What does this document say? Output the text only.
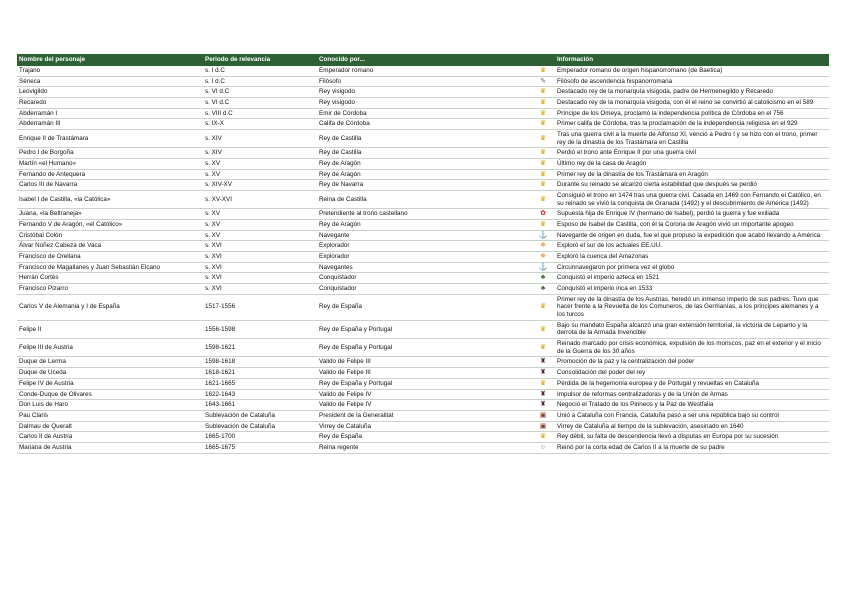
Nombre del personaje	Periodo de relevancia	Conocido por...		Información
Trajano	s. I d.C	Emperador romano	♛	Emperador romano de origen hispanorromano (de Baetica)
Séneca	s. I d.C	Filósofo	✎	Filósofo de ascendencia hispanorromana
Leovigildo	s. VI d.C	Rey visigodo	♛	Destacado rey de la monarquía visigoda, padre de Hermenegildo y Recaredo
Recaredo	s. VI d.C	Rey visigodo	♛	Destacado rey de la monarquía visigoda, con él el reino se convirtió al catolicismo en el 589
Abderramán I	s. VIII d.C	Emir de Córdoba	♛	Príncipe de los Omeya, proclamó la independencia política de Córdoba en el 756
Abderramán III	s. IX-X	Califa de Córdoba	♛	Primer califa de Córdoba, tras la proclamación de la independencia religiosa en el 929
Enrique II de Trastámara	s. XIV	Rey de Castilla	♛	Tras una guerra civil a la muerte de Alfonso XI, venció a Pedro I y se hizo con el trono, primer rey de la dinastía de los Trastámara en Castilla
Pedro I de Borgoña	s. XIV	Rey de Castilla	♛	Perdió el trono ante Enrique II por una guerra civil
Martín «el Humano»	s. XV	Rey de Aragón	♛	Último rey de la casa de Aragón
Fernando de Antequera	s. XV	Rey de Aragón	♛	Primer rey de la dinastía de los Trastámara en Aragón
Carlos III de Navarra	s. XIV-XV	Rey de Navarra	♛	Durante su reinado se alcanzó cierta estabilidad que después se perdió
Isabel I de Castilla, «la Católica»	s. XV-XVI	Reina de Castilla	♛	Consiguió el trono en 1474 tras una guerra civil. Casada en 1469 con Fernando el Católico, en su reinado se vivió la conquista de Granada (1492) y el descubrimiento de América (1492)
Juana, «la Beltraneja»	s. XV	Pretendiente al trono castellano	✿	Supuesta hija de Enrique IV (hermano de Isabel), perdió la guerra y fue exiliada
Fernando V de Aragón, «el Católico»	s. XV	Rey de Aragón	♛	Esposo de Isabel de Castilla, con él la Corona de Aragón vivió un importante apogeo
Cristóbal Colón	s. XV	Navegante	⚓	Navegante de origen en duda, fue el que propuso la expedición que acabó llevando a América
Álvar Núñez Cabeza de Vaca	s. XVI	Explorador	✵	Exploró el sur de los actuales EE.UU.
Francisco de Orellana	s. XVI	Explorador	✵	Exploró la cuenca del Amazonas
Francisco de Magallanes y Juan Sebastián Elcano	s. XVI	Navegantes	⚓	Circunnavegaron por primera vez el globo
Herrán Cortés	s. XVI	Conquistador	♣	Conquistó el imperio azteca en 1521
Francisco Pizarro	s. XVI	Conquistador	♣	Conquistó el imperio inca en 1533
Carlos V de Alemania y I de España	1517-1556	Rey de España	♛	Primer rey de la dinastía de los Austrias, heredó un inmenso imperio de sus padres. Tuvo que hacer frente a la Revuelta de los Comuneros, de las Germanías, a los príncipes alemanes y a los turcos
Felipe II	1556-1598	Rey de España y Portugal	♛	Bajo su mandato España alcanzó una gran extensión territorial, la victoria de Lepanto y la derrota de la Armada Invencible
Felipe III de Austria	1598-1621	Rey de España y Portugal	♛	Reinado marcado por crisis económica, expulsión de los moriscos, paz en el exterior y el inicio de la Guerra de los 30 años
Duque de Lerma	1598-1618	Valido de Felipe III	♜	Promoción de la paz y la centralización del poder
Duque de Uceda	1618-1621	Valido de Felipe III	♜	Consolidación del poder del rey
Felipe IV de Austria	1621-1665	Rey de España y Portugal	♛	Pérdida de la hegemonía europea y de Portugal y revueltas en Cataluña
Conde-Duque de Olivares	1622-1643	Valido de Felipe IV	♜	Impulsor de reformas centralizadoras y de la Unión de Armas
Don Luis de Haro	1643-1661	Valido de Felipe IV	♜	Negoció el Tratado de los Pirineos y la Paz de Westfalia
Pau Claris	Sublevación de Cataluña	President de la Generalitat	▣	Unió a Cataluña con Francia, Cataluña pasó a ser una república bajo su control
Dalmau de Queralt	Sublevación de Cataluña	Virrey de Cataluña	▣	Virrey de Cataluña al tiempo de la sublevación, asesinado en 1640
Carlos II de Austria	1665-1700	Rey de España	♛	Rey débil, su falta de descendencia llevó a disputas en Europa por su sucesión
Mariana de Austria	1665-1675	Reina regente	☺	Reinó por la corta edad de Carlos II a la muerte de su padre
